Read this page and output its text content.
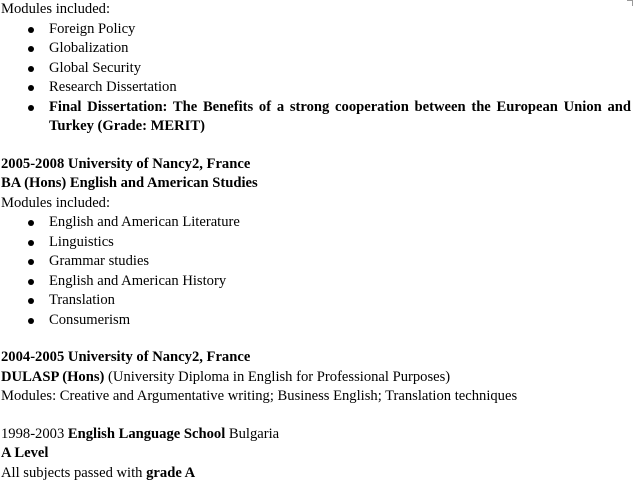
Modules included:
Foreign Policy
Globalization
Global Security
Research Dissertation
Final Dissertation: The Benefits of a strong cooperation between the European Union and Turkey (Grade: MERIT)
2005-2008 University of Nancy2, France
BA (Hons) English and American Studies
Modules included:
English and American Literature
Linguistics
Grammar studies
English and American History
Translation
Consumerism
2004-2005 University of Nancy2, France
DULASP (Hons) (University Diploma in English for Professional Purposes)
Modules: Creative and Argumentative writing; Business English; Translation techniques
1998-2003 English Language School Bulgaria
A Level
All subjects passed with grade A
